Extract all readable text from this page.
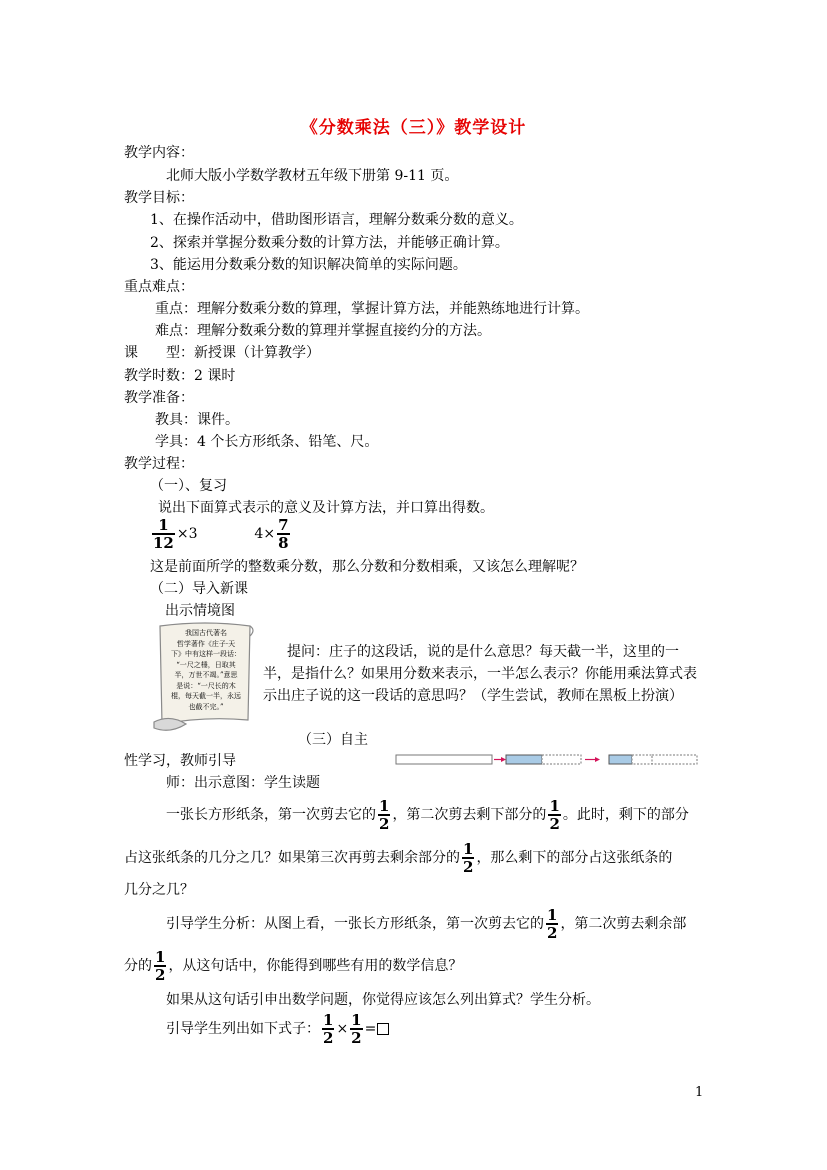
《分数乘法（三）》教学设计
教学内容：
北师大版小学数学教材五年级下册第 9-11 页。
教学目标：
1、在操作活动中，借助图形语言，理解分数乘分数的意义。
2、探索并掌握分数乘分数的计算方法，并能够正确计算。
3、能运用分数乘分数的知识解决简单的实际问题。
重点难点：
重点：理解分数乘分数的算理，掌握计算方法，并能熟练地进行计算。
难点：理解分数乘分数的算理并掌握直接约分的方法。
课　　型：新授课（计算教学）
教学时数：2 课时
教学准备：
教具：课件。
学具：4 个长方形纸条、铅笔、尺。
教学过程：
（一）、复习
说出下面算式表示的意义及计算方法，并口算出得数。
$\frac{1}{12} \times 3$	$4\times \frac{7}{8}$
这是前面所学的整数乘分数，那么分数和分数相乘，又该怎么理解呢？
（二）导入新课
出示情境图
我国古代著名
哲学著作《庄子·天
下》中有这样一段话：
“一尺之棰，日取其
半，万世不竭。”意思
是说：“一尺长的木
棍，每天截一半，永远
也截不完。”
提问：庄子的这段话，说的是什么意思？每天截一半，这里的一
半，是指什么？如果用分数来表示，一半怎么表示？你能用乘法算式表
示出庄子说的这一段话的意思吗？（学生尝试，教师在黑板上扮演）
（三）自主
性学习，教师引导
师：出示意图：学生读题
一张长方形纸条，第一次剪去它的 $\frac{1}{2}$ ，第二次剪去剩下部分的 $\frac{1}{2}$ 。此时，剩下的部分
占这张纸条的几分之几？如果第三次再剪去剩余部分的 $\frac{1}{2}$ ，那么剩下的部分占这张纸条的
几分之几？
引导学生分析：从图上看，一张长方形纸条，第一次剪去它的 $\frac{1}{2}$ ，第二次剪去剩余部
分的 $\frac{1}{2}$ ，从这句话中，你能得到哪些有用的数学信息？
如果从这句话引申出数学问题，你觉得应该怎么列出算式？学生分析。
引导学生列出如下式子： $\frac{1}{2} \times \frac{1}{2}$ =
1
